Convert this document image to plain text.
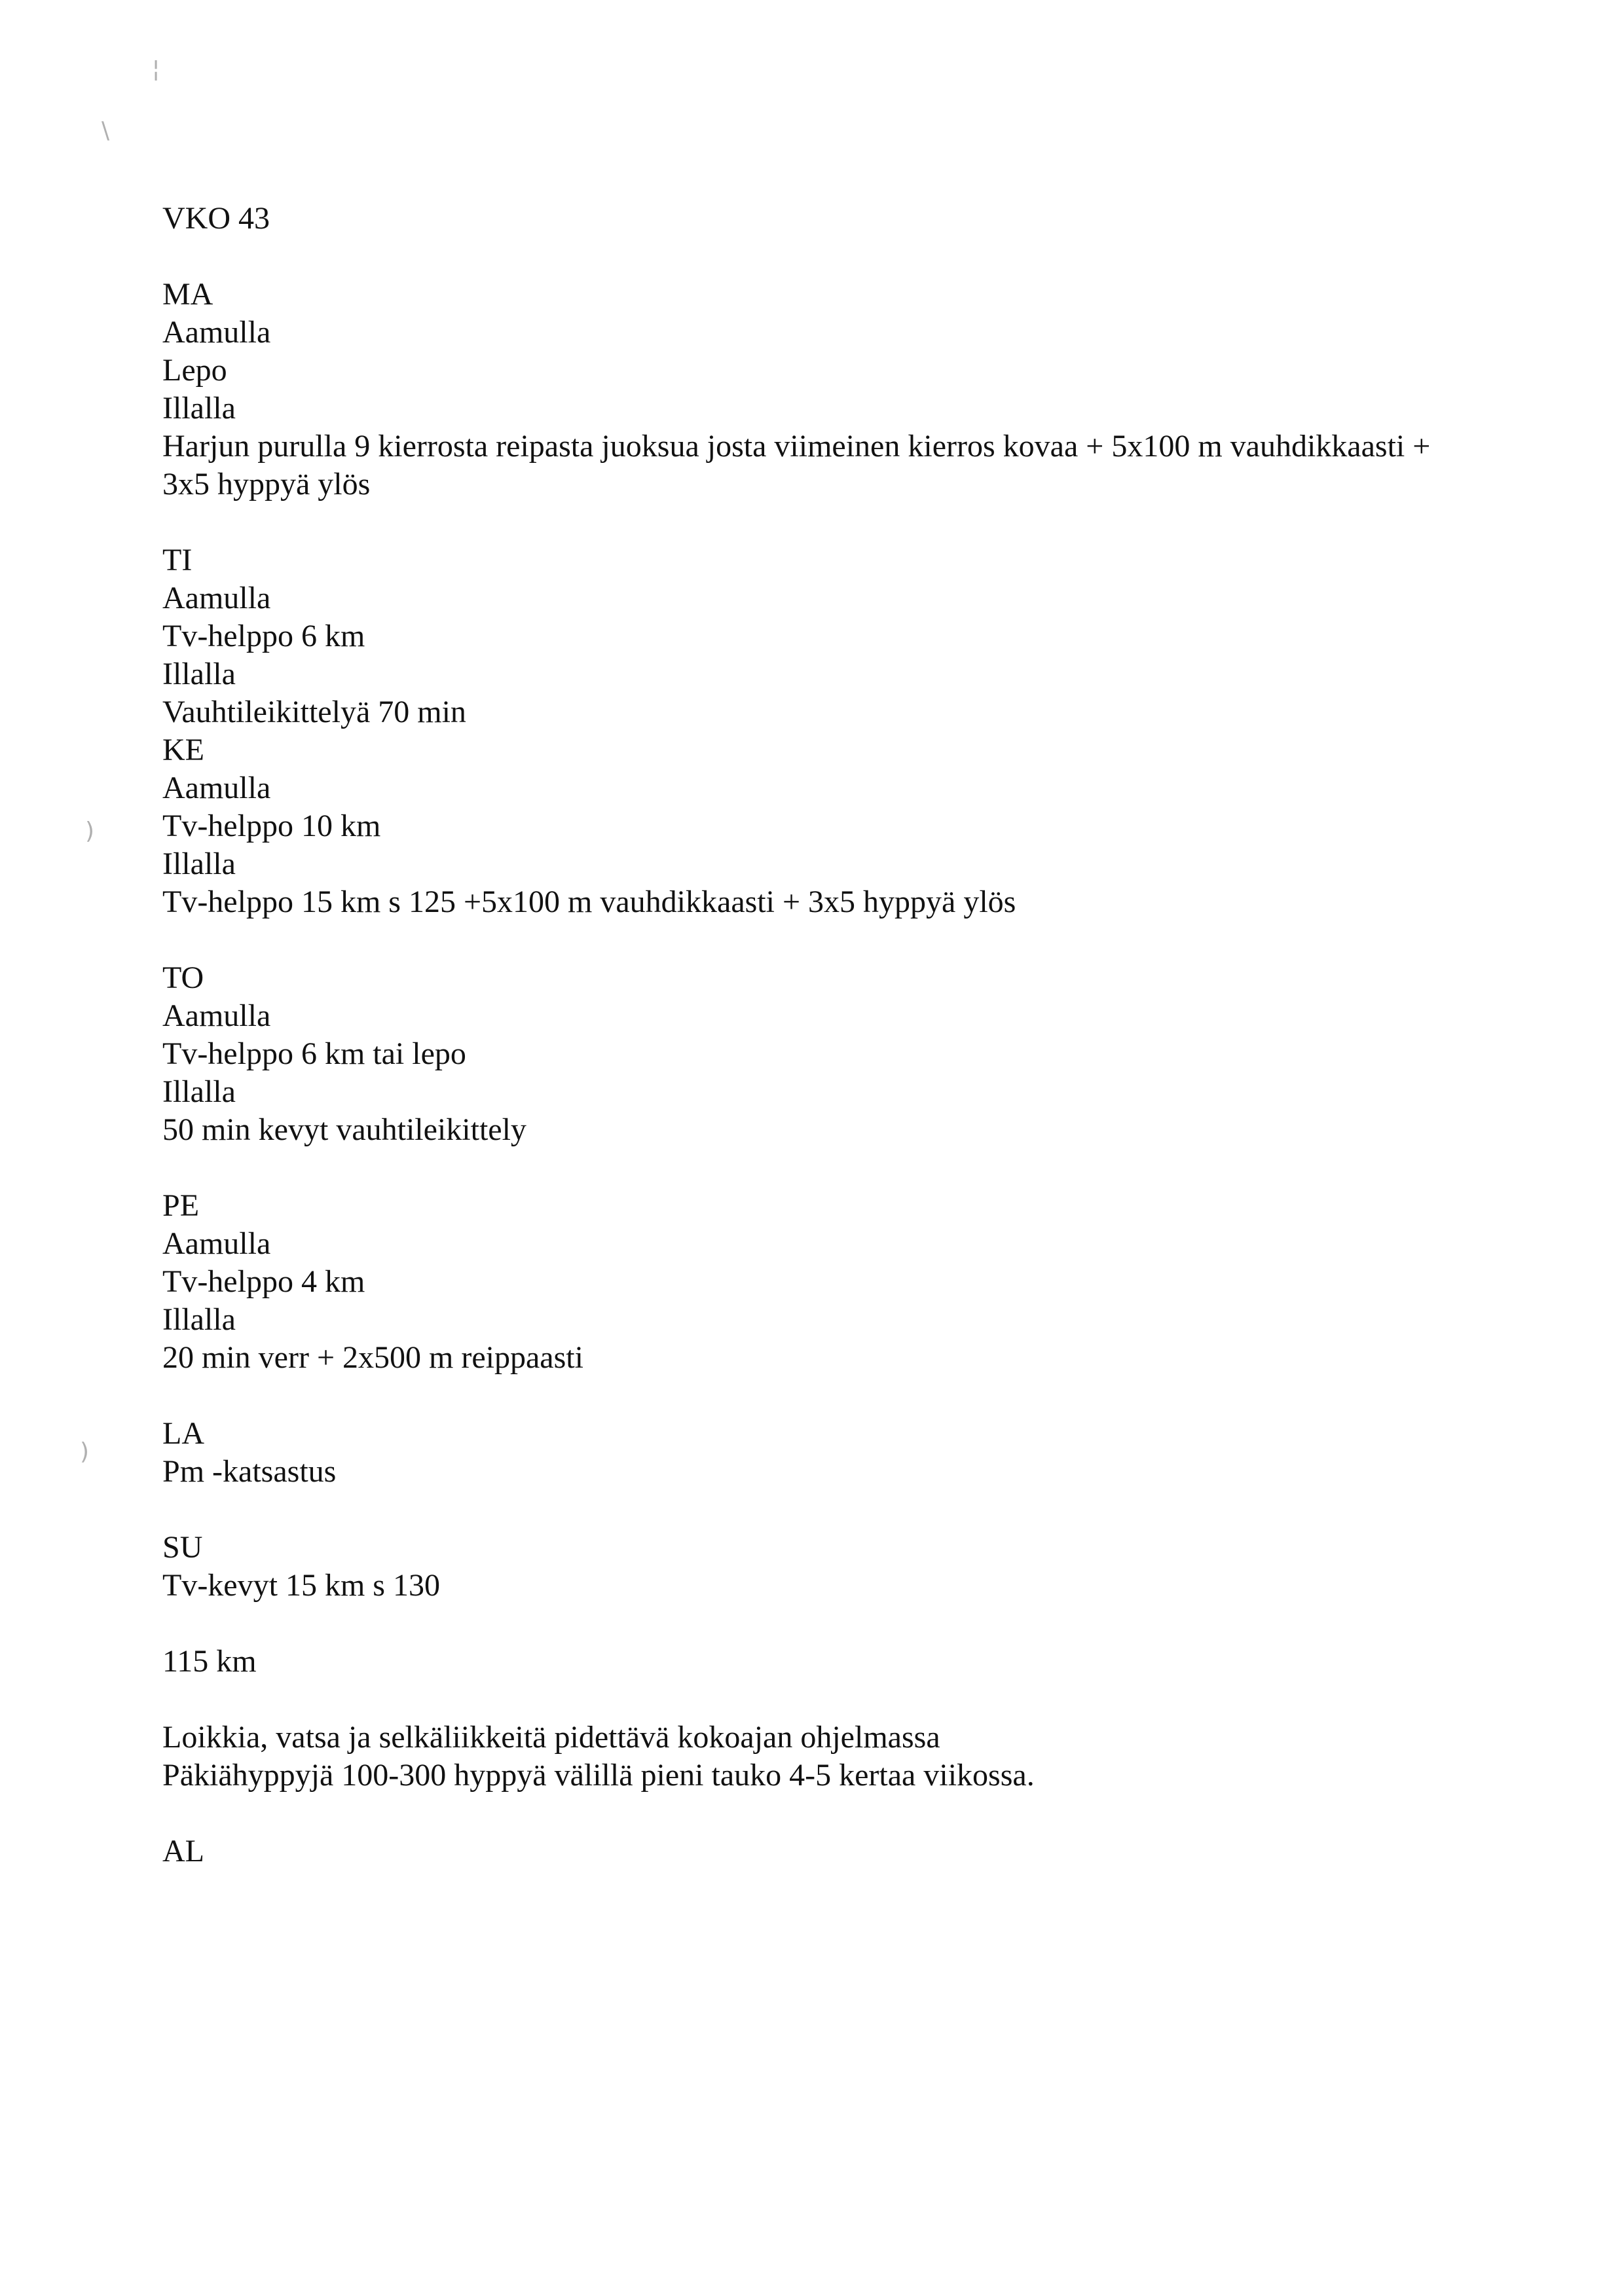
¦
\
)
)
VKO 43
MA
Aamulla
Lepo
Illalla
Harjun purulla 9 kierrosta reipasta juoksua josta viimeinen kierros kovaa + 5x100 m vauhdikkaasti + 3x5 hyppyä ylös
TI
Aamulla
Tv-helppo 6 km
Illalla
Vauhtileikittelyä 70 min
KE
Aamulla
Tv-helppo 10 km
Illalla
Tv-helppo 15 km s 125 +5x100 m vauhdikkaasti + 3x5 hyppyä ylös
TO
Aamulla
Tv-helppo 6 km tai lepo
Illalla
50 min kevyt vauhtileikittely
PE
Aamulla
Tv-helppo 4 km
Illalla
20 min verr + 2x500 m reippaasti
LA
Pm -katsastus
SU
Tv-kevyt 15 km s 130
115 km
Loikkia, vatsa ja selkäliikkeitä pidettävä kokoajan ohjelmassa
Päkiähyppyjä 100-300 hyppyä välillä pieni tauko 4-5 kertaa viikossa.
AL
